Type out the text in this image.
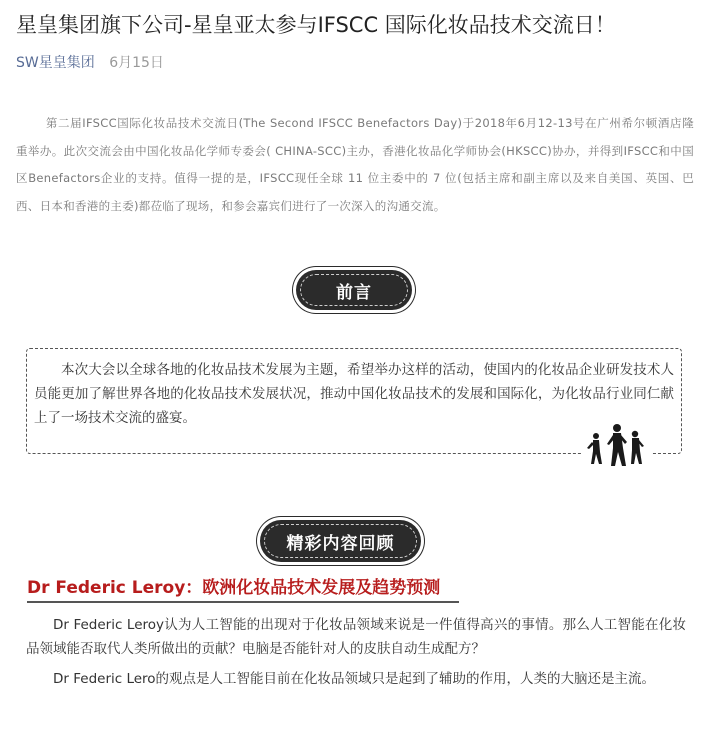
星皇集团旗下公司-星皇亚太参与IFSCC 国际化妆品技术交流日！
SW星皇集团 6月15日

第二届IFSCC国际化妆品技术交流日(The Second IFSCC Benefactors Day)于2018年6月12-13号在广州希尔顿酒店隆重举办。此次交流会由中国化妆品化学师专委会( CHINA-SCC)主办，香港化妆品化学师协会(HKSCC)协办，并得到IFSCC和中国区Benefactors企业的支持。值得一提的是，IFSCC现任全球 11 位主委中的 7 位(包括主席和副主席以及来自美国、英国、巴西、日本和香港的主委)都莅临了现场，和参会嘉宾们进行了一次深入的沟通交流。

前言

本次大会以全球各地的化妆品技术发展为主题，希望举办这样的活动，使国内的化妆品企业研发技术人员能更加了解世界各地的化妆品技术发展状况，推动中国化妆品技术的发展和国际化，为化妆品行业同仁献上了一场技术交流的盛宴。

精彩内容回顾
Dr Federic Leroy：欧洲化妆品技术发展及趋势预测

Dr Federic Leroy认为人工智能的出现对于化妆品领域来说是一件值得高兴的事情。那么人工智能在化妆品领域能否取代人类所做出的贡献？电脑是否能针对人的皮肤自动生成配方？

Dr Federic Lero的观点是人工智能目前在化妆品领域只是起到了辅助的作用，人类的大脑还是主流。
